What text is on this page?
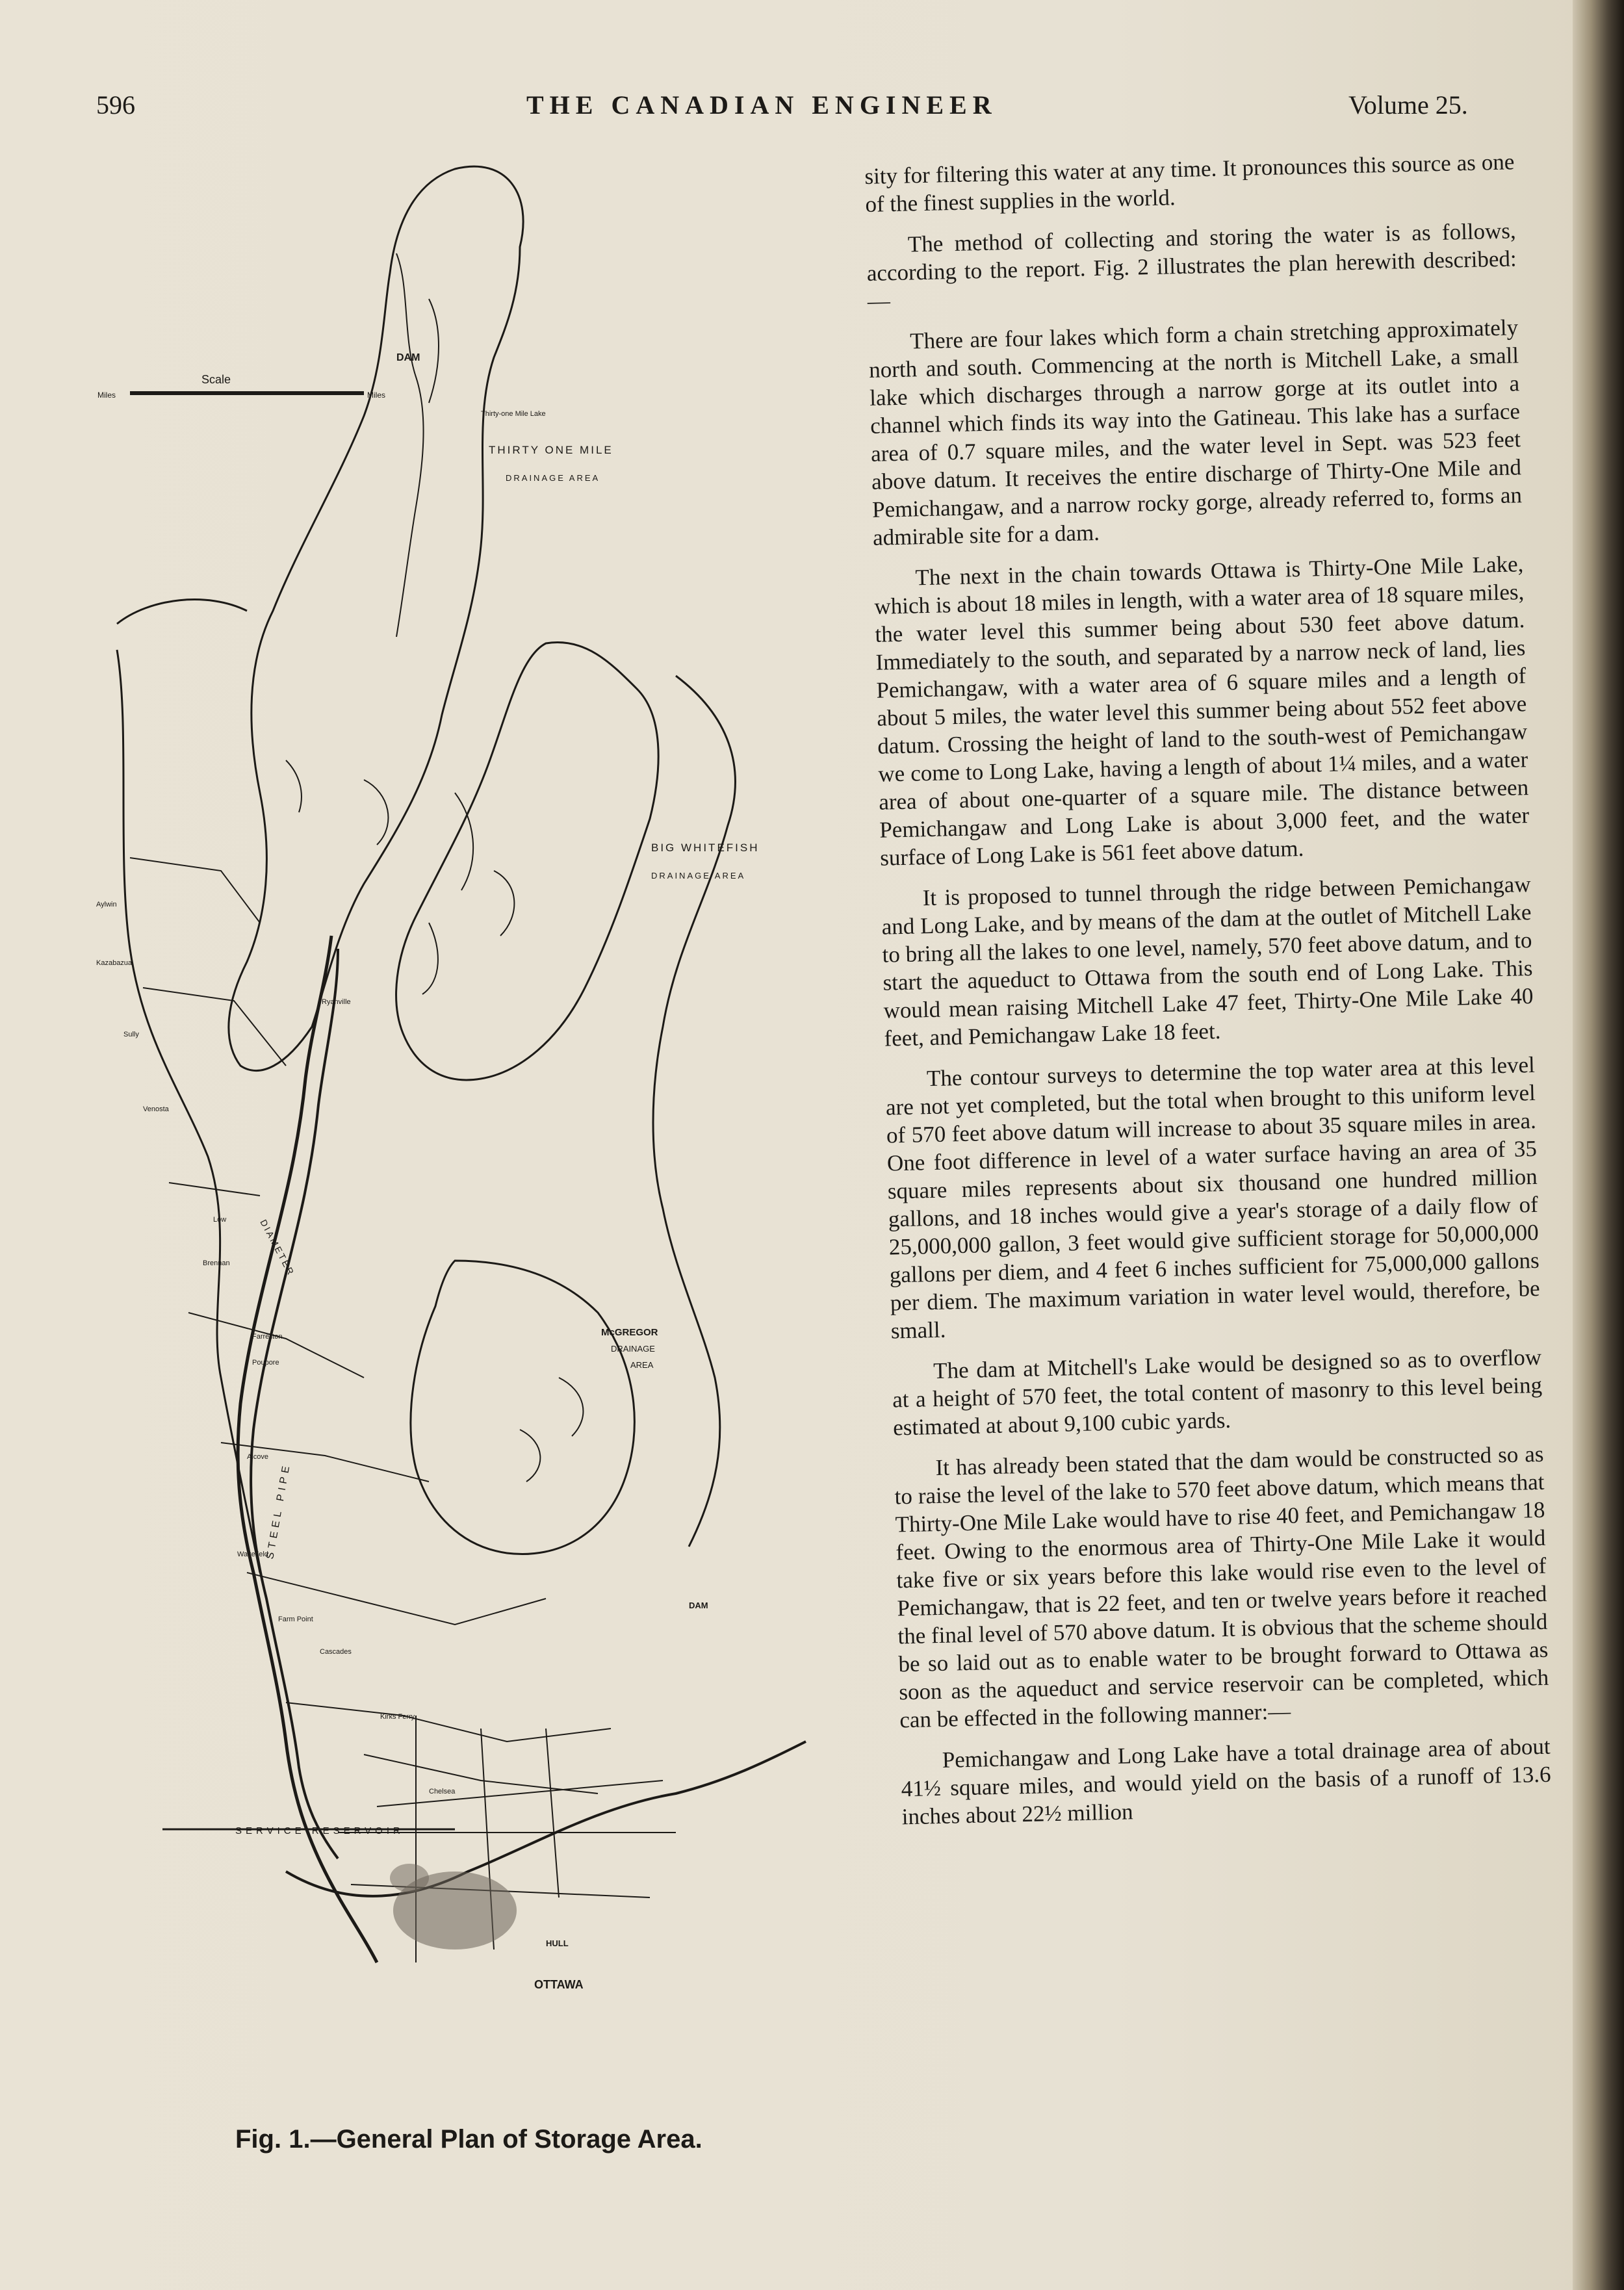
596	THE CANADIAN ENGINEER	Volume 25.
Scale
Miles	Miles
DAM
Thirty-one Mile Lake
THIRTY ONE MILE
DRAINAGE AREA
BIG WHITEFISH
DRAINAGE AREA
Aylwin
Kazabazua
Sully
Venosta
Low
Brennan
Farrellton
Poupore
Alcove
Wakefield
Farm Point
Cascades
Kirks Ferry
Chelsea
Ryanville
McGREGOR
DRAINAGE
AREA
DAM
DIAMETER
STEEL PIPE
SERVICE RESERVOIR
HULL
OTTAWA
Fig. 1.—General Plan of Storage Area.

sity for filtering this water at any time. It pronounces this source as one of the finest supplies in the world.

The method of collecting and storing the water is as follows, according to the report. Fig. 2 illustrates the plan herewith described:—

There are four lakes which form a chain stretching approximately north and south. Commencing at the north is Mitchell Lake, a small lake which discharges through a narrow gorge at its outlet into a channel which finds its way into the Gatineau. This lake has a surface area of 0.7 square miles, and the water level in Sept. was 523 feet above datum. It receives the entire discharge of Thirty-One Mile and Pemichangaw, and a narrow rocky gorge, already referred to, forms an admirable site for a dam.

The next in the chain towards Ottawa is Thirty-One Mile Lake, which is about 18 miles in length, with a water area of 18 square miles, the water level this summer being about 530 feet above datum. Immediately to the south, and separated by a narrow neck of land, lies Pemichangaw, with a water area of 6 square miles and a length of about 5 miles, the water level this summer being about 552 feet above datum. Crossing the height of land to the south-west of Pemichangaw we come to Long Lake, having a length of about 1¼ miles, and a water area of about one-quarter of a square mile. The distance between Pemichangaw and Long Lake is about 3,000 feet, and the water surface of Long Lake is 561 feet above datum.

It is proposed to tunnel through the ridge between Pemichangaw and Long Lake, and by means of the dam at the outlet of Mitchell Lake to bring all the lakes to one level, namely, 570 feet above datum, and to start the aqueduct to Ottawa from the south end of Long Lake. This would mean raising Mitchell Lake 47 feet, Thirty-One Mile Lake 40 feet, and Pemichangaw Lake 18 feet.

The contour surveys to determine the top water area at this level are not yet completed, but the total when brought to this uniform level of 570 feet above datum will increase to about 35 square miles in area. One foot difference in level of a water surface having an area of 35 square miles represents about six thousand one hundred million gallons, and 18 inches would give a year's storage of a daily flow of 25,000,000 gallon, 3 feet would give sufficient storage for 50,000,000 gallons per diem, and 4 feet 6 inches sufficient for 75,000,000 gallons per diem. The maximum variation in water level would, therefore, be small.

The dam at Mitchell's Lake would be designed so as to overflow at a height of 570 feet, the total content of masonry to this level being estimated at about 9,100 cubic yards.

It has already been stated that the dam would be constructed so as to raise the level of the lake to 570 feet above datum, which means that Thirty-One Mile Lake would have to rise 40 feet, and Pemichangaw 18 feet. Owing to the enormous area of Thirty-One Mile Lake it would take five or six years before this lake would rise even to the level of Pemichangaw, that is 22 feet, and ten or twelve years before it reached the final level of 570 above datum. It is obvious that the scheme should be so laid out as to enable water to be brought forward to Ottawa as soon as the aqueduct and service reservoir can be completed, which can be effected in the following manner:—

Pemichangaw and Long Lake have a total drainage area of about 41½ square miles, and would yield on the basis of a runoff of 13.6 inches about 22½ million
